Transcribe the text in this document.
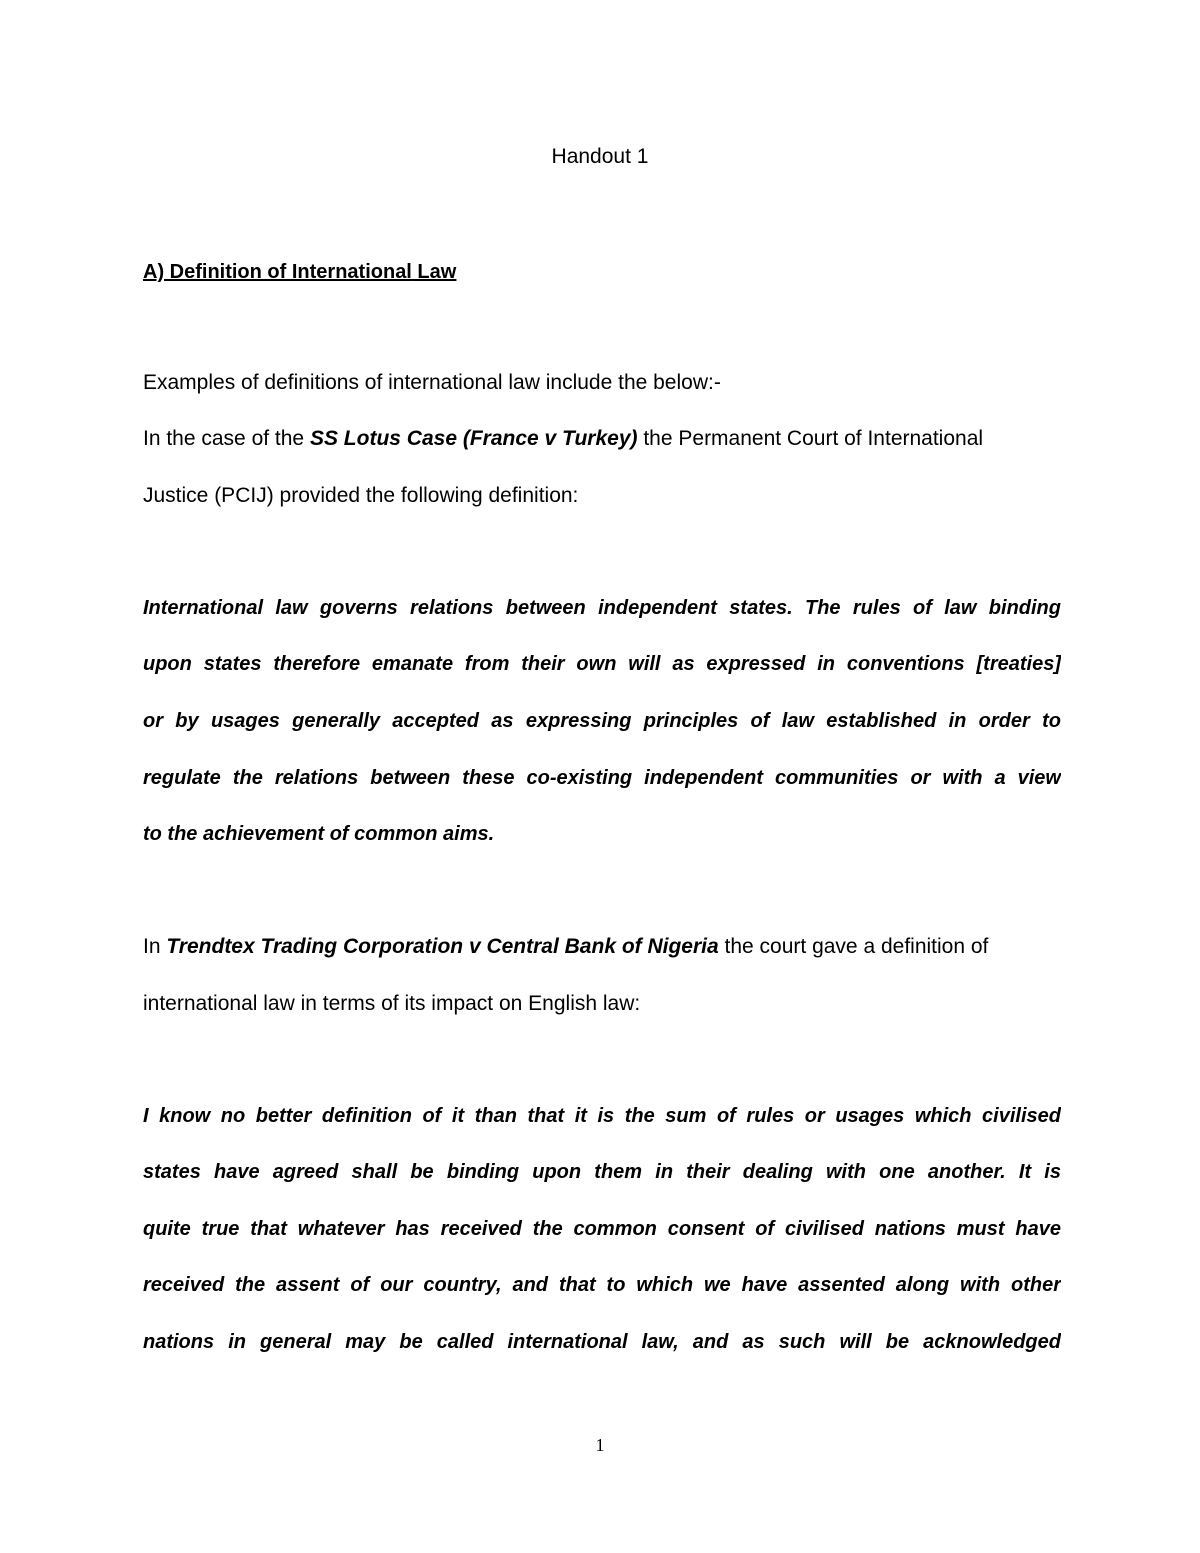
Handout 1
A) Definition of International Law
Examples of definitions of international law include the below:-
In the case of the SS Lotus Case (France v Turkey) the Permanent Court of International
Justice (PCIJ) provided the following definition:
International law governs relations between independent states. The rules of law binding
upon states therefore emanate from their own will as expressed in conventions [treaties]
or by usages generally accepted as expressing principles of law established in order to
regulate the relations between these co-existing independent communities or with a view
to the achievement of common aims.
In Trendtex Trading Corporation v Central Bank of Nigeria the court gave a definition of
international law in terms of its impact on English law:
I know no better definition of it than that it is the sum of rules or usages which civilised
states have agreed shall be binding upon them in their dealing with one another. It is
quite true that whatever has received the common consent of civilised nations must have
received the assent of our country, and that to which we have assented along with other
nations in general may be called international law, and as such will be acknowledged
1
